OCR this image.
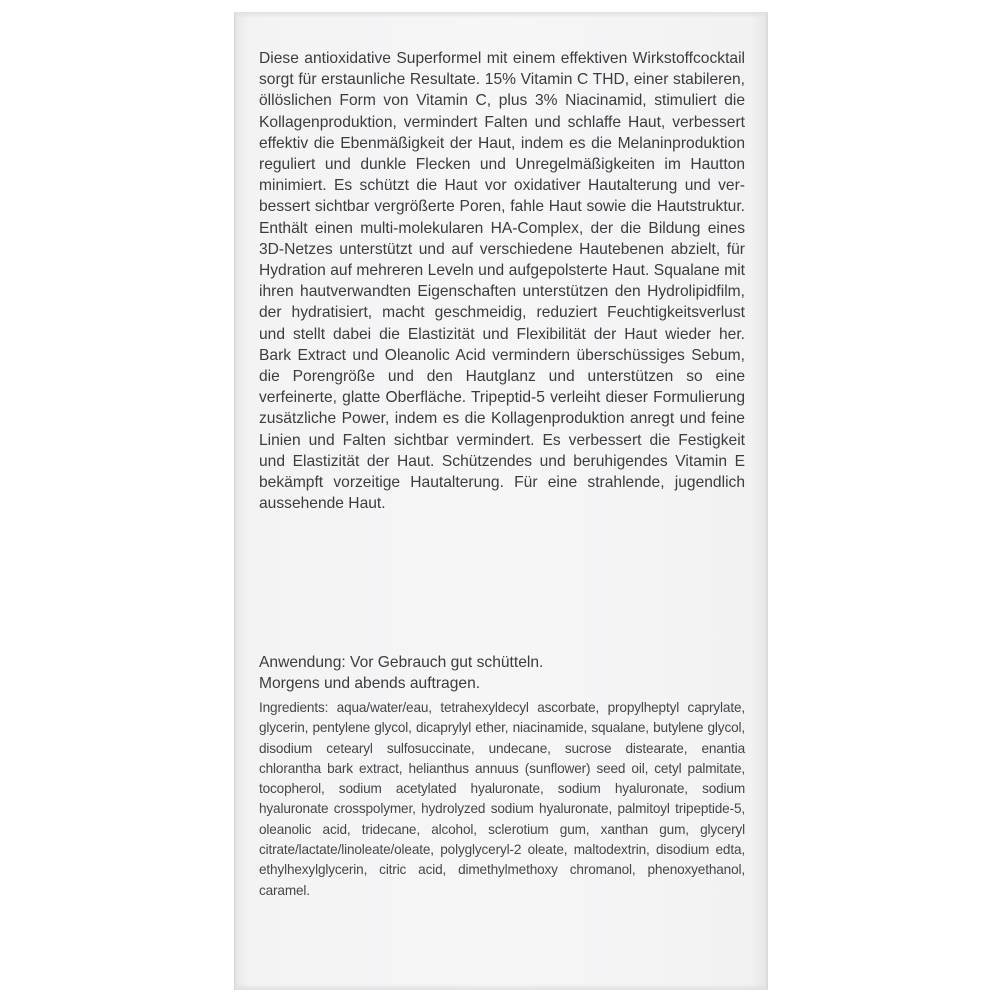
Diese antioxidative Superformel mit einem effektiven Wirkstoffcocktail sorgt für erstaunliche Resultate. 15% Vitamin C THD, einer stabileren, öllöslichen Form von Vitamin C, plus 3% Niacinamid, stimuliert die Kollagenproduktion, vermindert Falten und schlaffe Haut, verbessert effektiv die Ebenmäßigkeit der Haut, indem es die Melaninproduktion reguliert und dunkle Flecken und Unregelmäßigkeiten im Hautton minimiert. Es schützt die Haut vor oxidativer Hautalterung und verbessert sichtbar vergrößerte Poren, fahle Haut sowie die Hautstruktur. Enthält einen multi-molekularen HA-Complex, der die Bildung eines 3D-Netzes unterstützt und auf verschiedene Hautebenen abzielt, für Hydration auf mehreren Leveln und aufgepolsterte Haut. Squalane mit ihren hautverwandten Eigenschaften unterstützen den Hydrolipidfilm, der hydratisiert, macht geschmeidig, reduziert Feuchtigkeitsverlust und stellt dabei die Elastizität und Flexibilität der Haut wieder her. Bark Extract und Oleanolic Acid vermindern überschüssiges Sebum, die Porengröße und den Hautglanz und unterstützen so eine verfeinerte, glatte Oberfläche. Tripeptid-5 verleiht dieser Formulierung zusätzliche Power, indem es die Kollagenproduktion anregt und feine Linien und Falten sichtbar vermindert. Es verbessert die Festigkeit und Elastizität der Haut. Schützendes und beruhigendes Vitamin E bekämpft vorzeitige Hautalterung. Für eine strahlende, jugendlich aussehende Haut.

Anwendung: Vor Gebrauch gut schütteln.
Morgens und abends auftragen.

Ingredients: aqua/water/eau, tetrahexyldecyl ascorbate, propylheptyl caprylate, glycerin, pentylene glycol, dicaprylyl ether, niacinamide, squalane, butylene glycol, disodium cetearyl sulfosuccinate, undecane, sucrose distearate, enantia chlorantha bark extract, helianthus annuus (sunflower) seed oil, cetyl palmitate, tocopherol, sodium acetylated hyaluronate, sodium hyaluronate, sodium hyaluronate crosspolymer, hydrolyzed sodium hyaluronate, palmitoyl tripeptide-5, oleanolic acid, tridecane, alcohol, sclerotium gum, xanthan gum, glyceryl citrate/lactate/linoleate/oleate, polyglyceryl-2 oleate, maltodextrin, disodium edta, ethylhexylglycerin, citric acid, dimethylmethoxy chromanol, phenoxyethanol, caramel.
